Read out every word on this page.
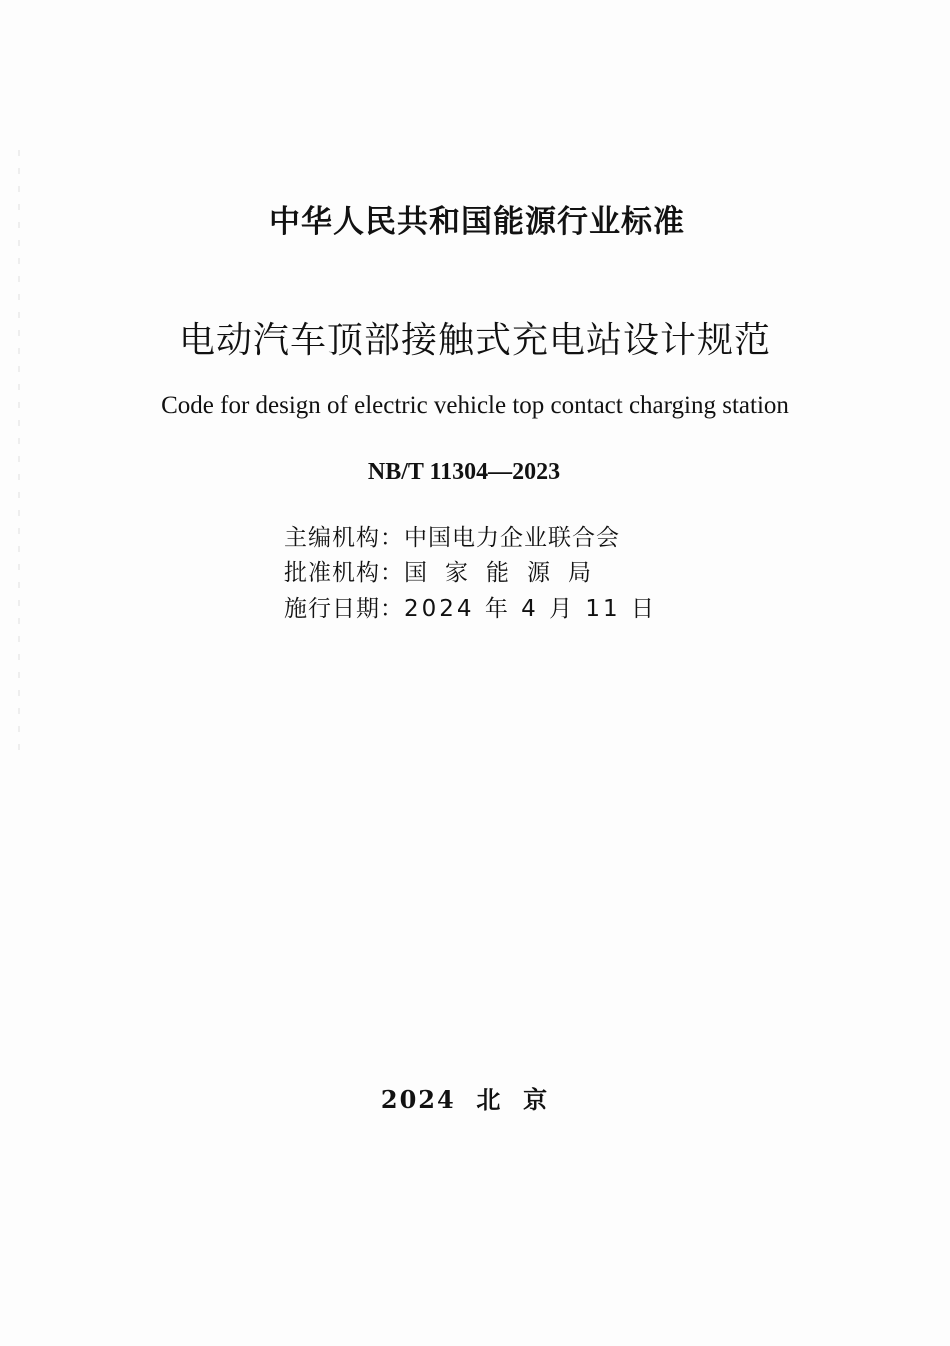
中华人民共和国能源行业标准
电动汽车顶部接触式充电站设计规范
Code for design of electric vehicle top contact charging station
NB/T 11304—2023
主编机构：中国电力企业联合会
批准机构：国家能源局
施行日期：2024 年 4 月 11 日
2024  北  京
